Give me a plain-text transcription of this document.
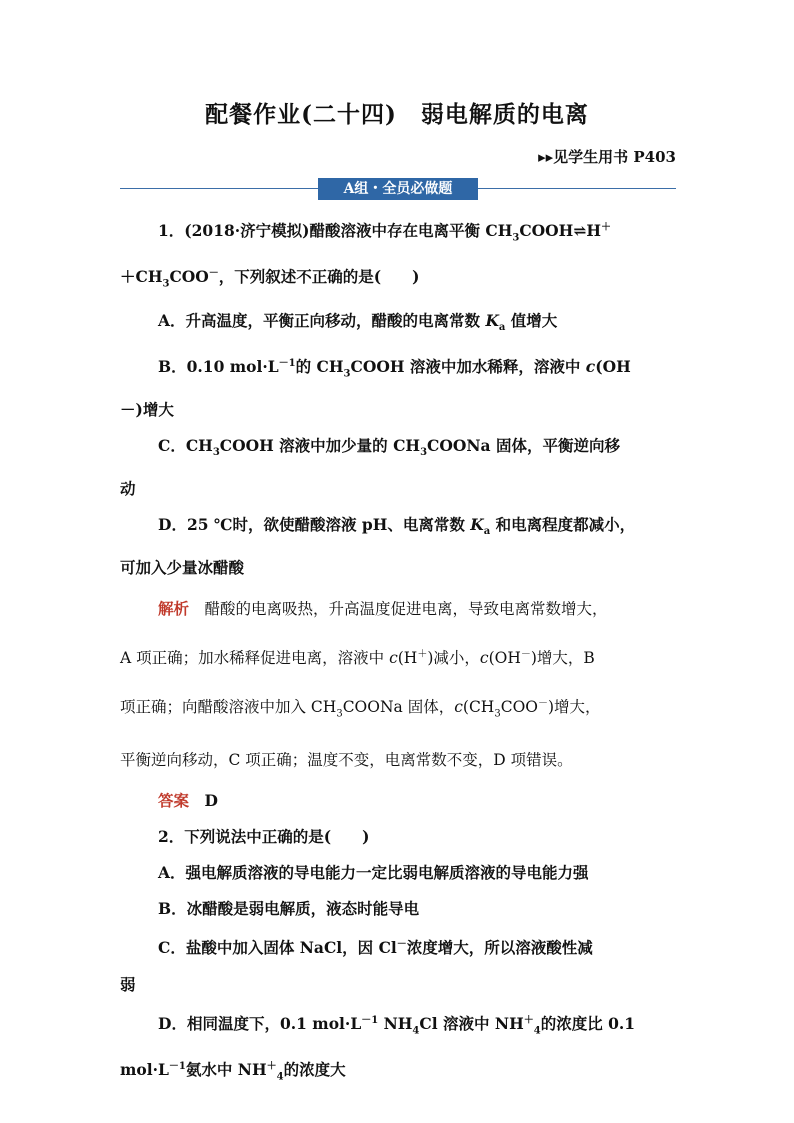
配餐作业(二十四)　弱电解质的电离
▸▸见学生用书 P403
A组・全员必做题

1．(2018·济宁模拟)醋酸溶液中存在电离平衡 $CH_3COOH\rightleftharpoons H^+$

$+CH_3COO^-$，下列叙述不正确的是(　　)

A．升高温度，平衡正向移动，醋酸的电离常数 $K_a$ 值增大

B．0.10 $mol\cdot L^{-1}$的 $CH_3COOH$ 溶液中加水稀释，溶液中 c(OH

－)增大

C．$CH_3COOH$ 溶液中加少量的 $CH_3COONa$ 固体，平衡逆向移

动

D．25 ℃时，欲使醋酸溶液 pH、电离常数 $K_a$ 和电离程度都减小，

可加入少量冰醋酸

解析　醋酸的电离吸热，升高温度促进电离，导致电离常数增大，

A 项正确；加水稀释促进电离，溶液中 c(H＋)减小，c(OH－)增大，B

项正确；向醋酸溶液中加入 $CH_3COONa$ 固体，$c(CH_3COO^-)$增大，

平衡逆向移动，C 项正确；温度不变，电离常数不变，D 项错误。

答案　D

2．下列说法中正确的是(　　)

A．强电解质溶液的导电能力一定比弱电解质溶液的导电能力强

B．冰醋酸是弱电解质，液态时能导电

C．盐酸中加入固体 NaCl，因 Cl－浓度增大，所以溶液酸性减

弱

D．相同温度下，0.1 $mol\cdot L^{-1}$ $NH_4Cl$ 溶液中 $NH^+_4$的浓度比 0.1

$mol\cdot L^{-1}$氨水中 $NH^+_4$的浓度大
